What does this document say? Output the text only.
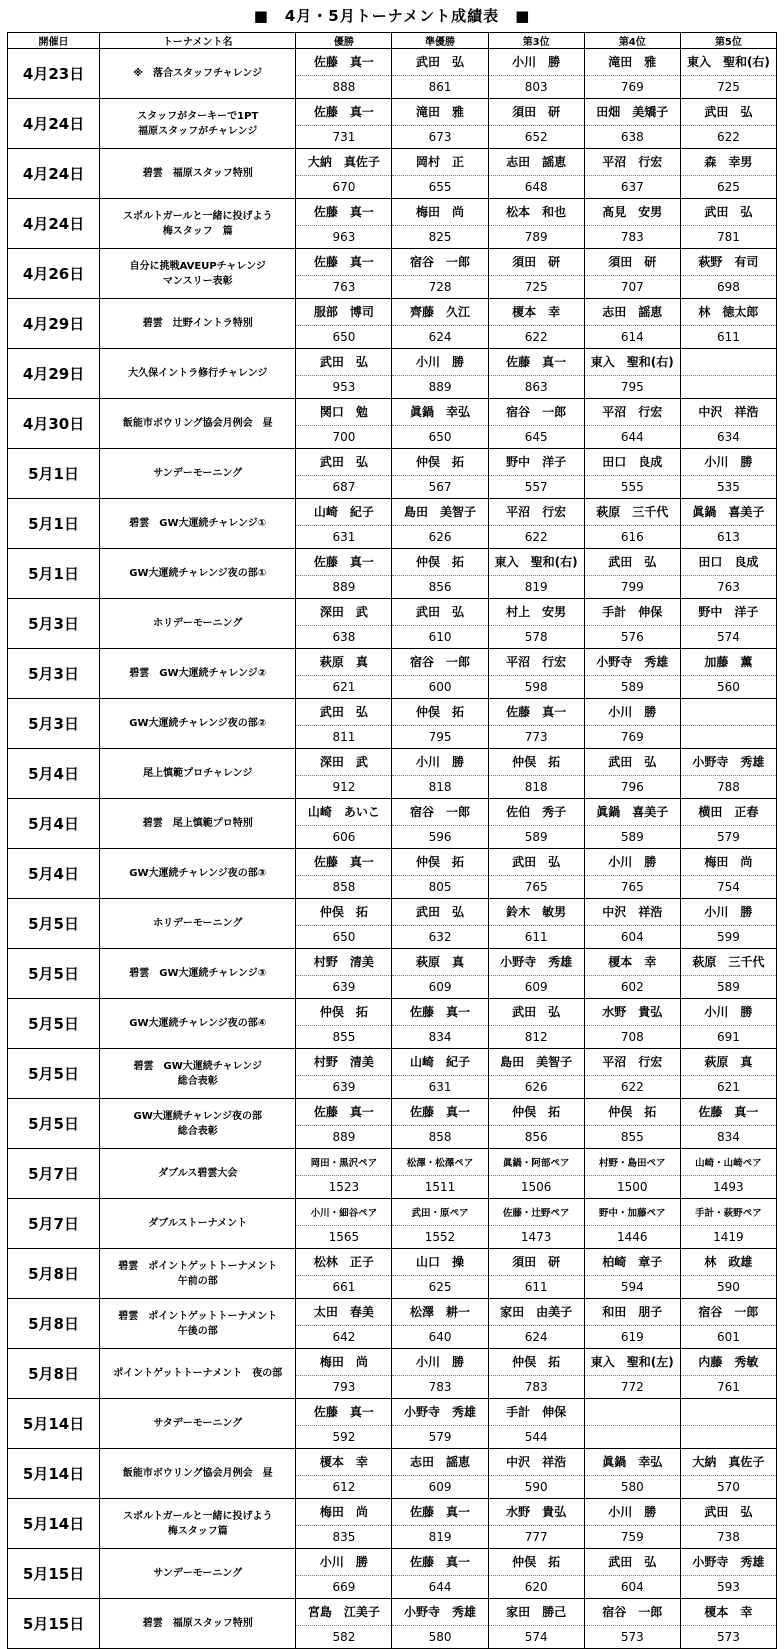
■　4月・5月トーナメント成績表　■
開催日	トーナメント名	優勝	準優勝	第3位	第4位	第5位
4月23日	※　落合スタッフチャレンジ	佐藤　真一	武田　弘	小川　勝	滝田　雅	東入　聖和(右)
		888	861	803	769	725
4月24日	スタッフがターキーで1PT
福原スタッフがチャレンジ	佐藤　真一	滝田　雅	須田　研	田畑　美矯子	武田　弘
		731	673	652	638	622
4月24日	碧雲　福原スタッフ特別	大納　真佐子	岡村　正	志田　謡恵	平沼　行宏	森　幸男
		670	655	648	637	625
4月24日	スポルトガールと一緒に投げよう
梅スタッフ　篇	佐藤　真一	梅田　尚	松本　和也	髙見　安男	武田　弘
		963	825	789	783	781
4月26日	自分に挑戦AVEUPチャレンジ
マンスリー表彰	佐藤　真一	宿谷　一郎	須田　研	須田　研	萩野　有司
		763	728	725	707	698
4月29日	碧雲　辻野イントラ特別	服部　博司	齊藤　久江	榎本　幸	志田　謡恵	林　徳太郎
		650	624	622	614	611
4月29日	大久保イントラ修行チャレンジ	武田　弘	小川　勝	佐藤　真一	東入　聖和(右)	
		953	889	863	795	
4月30日	飯能市ボウリング協会月例会　昼	関口　勉	眞鍋　幸弘	宿谷　一郎	平沼　行宏	中沢　祥浩
		700	650	645	644	634
5月1日	サンデーモーニング	武田　弘	仲俣　拓	野中　洋子	田口　良成	小川　勝
		687	567	557	555	535
5月1日	碧雲　GW大運続チャレンジ①	山崎　紀子	島田　美智子	平沼　行宏	萩原　三千代	眞鍋　喜美子
		631	626	622	616	613
5月1日	GW大運続チャレンジ夜の部①	佐藤　真一	仲俣　拓	東入　聖和(右)	武田　弘	田口　良成
		889	856	819	799	763
5月3日	ホリデーモーニング	深田　武	武田　弘	村上　安男	手計　伸保	野中　洋子
		638	610	578	576	574
5月3日	碧雲　GW大運続チャレンジ②	萩原　真	宿谷　一郎	平沼　行宏	小野寺　秀雄	加藤　薫
		621	600	598	589	560
5月3日	GW大運続チャレンジ夜の部②	武田　弘	仲俣　拓	佐藤　真一	小川　勝	
		811	795	773	769	
5月4日	尾上慎範プロチャレンジ	深田　武	小川　勝	仲俣　拓	武田　弘	小野寺　秀雄
		912	818	818	796	788
5月4日	碧雲　尾上慎範プロ特別	山崎　あいこ	宿谷　一郎	佐伯　秀子	眞鍋　喜美子	横田　正春
		606	596	589	589	579
5月4日	GW大運続チャレンジ夜の部③	佐藤　真一	仲俣　拓	武田　弘	小川　勝	梅田　尚
		858	805	765	765	754
5月5日	ホリデーモーニング	仲俣　拓	武田　弘	鈴木　敏男	中沢　祥浩	小川　勝
		650	632	611	604	599
5月5日	碧雲　GW大運続チャレンジ③	村野　清美	萩原　真	小野寺　秀雄	榎本　幸	萩原　三千代
		639	609	609	602	589
5月5日	GW大運続チャレンジ夜の部④	仲俣　拓	佐藤　真一	武田　弘	水野　貴弘	小川　勝
		855	834	812	708	691
5月5日	碧雲　GW大運続チャレンジ
総合表彰	村野　清美	山崎　紀子	島田　美智子	平沼　行宏	萩原　真
		639	631	626	622	621
5月5日	GW大運続チャレンジ夜の部
総合表彰	佐藤　真一	佐藤　真一	仲俣　拓	仲俣　拓	佐藤　真一
		889	858	856	855	834
5月7日	ダブルス碧雲大会	岡田・黒沢ペア	松澤・松澤ペア	眞鍋・阿部ペア	村野・島田ペア	山崎・山崎ペア
		1523	1511	1506	1500	1493
5月7日	ダブルストーナメント	小川・細谷ペア	武田・原ペア	佐藤・辻野ペア	野中・加藤ペア	手計・萩野ペア
		1565	1552	1473	1446	1419
5月8日	碧雲　ポイントゲットトーナメント
午前の部	松林　正子	山口　操	須田　研	柏崎　章子	林　政雄
		661	625	611	594	590
5月8日	碧雲　ポイントゲットトーナメント
午後の部	太田　春美	松澤　耕一	家田　由美子	和田　朋子	宿谷　一郎
		642	640	624	619	601
5月8日	ポイントゲットトーナメント　夜の部	梅田　尚	小川　勝	仲俣　拓	東入　聖和(左)	内藤　秀敏
		793	783	783	772	761
5月14日	サタデーモーニング	佐藤　真一	小野寺　秀雄	手計　伸保		
		592	579	544		
5月14日	飯能市ボウリング協会月例会　昼	榎本　幸	志田　謡恵	中沢　祥浩	眞鍋　幸弘	大納　真佐子
		612	609	590	580	570
5月14日	スポルトガールと一緒に投げよう
梅スタッフ篇	梅田　尚	佐藤　真一	水野　貴弘	小川　勝	武田　弘
		835	819	777	759	738
5月15日	サンデーモーニング	小川　勝	佐藤　真一	仲俣　拓	武田　弘	小野寺　秀雄
		669	644	620	604	593
5月15日	碧雲　福原スタッフ特別	宮島　江美子	小野寺　秀雄	家田　勝己	宿谷　一郎	榎本　幸
		582	580	574	573	573
